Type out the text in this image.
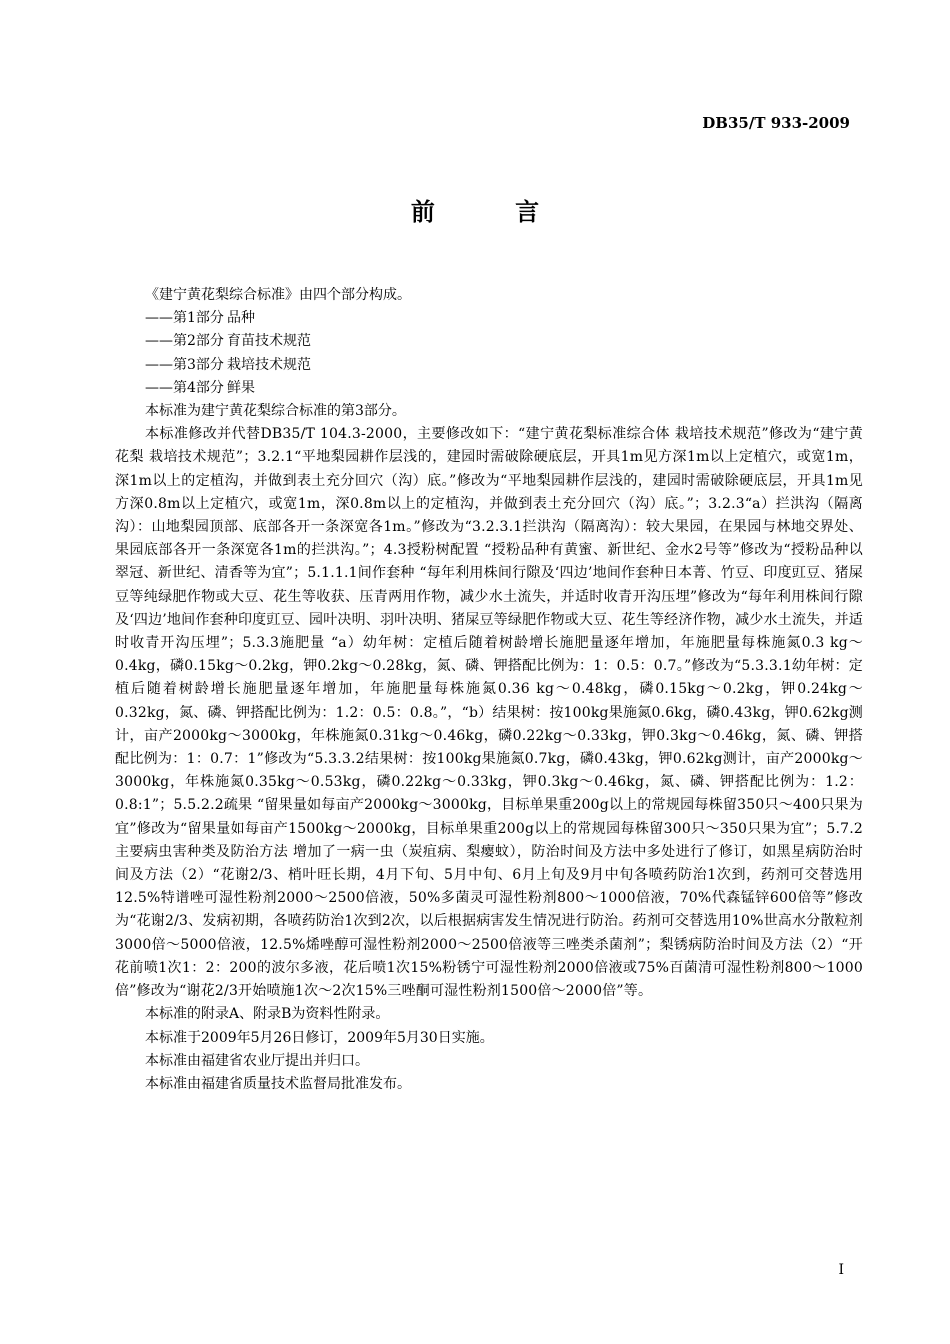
DB35/T 933-2009
前 言

《建宁黄花梨综合标准》由四个部分构成。

——第1部分 品种

——第2部分 育苗技术规范

——第3部分 栽培技术规范

——第4部分 鲜果

本标准为建宁黄花梨综合标准的第3部分。

本标准修改并代替DB35/T 104.3-2000，主要修改如下：“建宁黄花梨标准综合体 栽培技术规范”修改为“建宁黄花梨 栽培技术规范”；3.2.1“平地梨园耕作层浅的，建园时需破除硬底层，开具1m见方深1m以上定植穴，或宽1m，深1m以上的定植沟，并做到表土充分回穴（沟）底。”修改为“平地梨园耕作层浅的，建园时需破除硬底层，开具1m见方深0.8m以上定植穴，或宽1m，深0.8m以上的定植沟，并做到表土充分回穴（沟）底。”；3.2.3“a）拦洪沟（隔离沟）：山地梨园顶部、底部各开一条深宽各1m。”修改为“3.2.3.1拦洪沟（隔离沟）：较大果园，在果园与林地交界处、果园底部各开一条深宽各1m的拦洪沟。”；4.3授粉树配置 “授粉品种有黄蜜、新世纪、金水2号等”修改为“授粉品种以翠冠、新世纪、清香等为宜”；5.1.1.1间作套种 “每年利用株间行隙及‘四边’地间作套种日本菁、竹豆、印度豇豆、猪屎豆等纯绿肥作物或大豆、花生等收获、压青两用作物，减少水土流失，并适时收青开沟压埋”修改为“每年利用株间行隙及‘四边’地间作套种印度豇豆、园叶决明、羽叶决明、猪屎豆等绿肥作物或大豆、花生等经济作物，减少水土流失，并适时收青开沟压埋”；5.3.3施肥量 “a）幼年树：定植后随着树龄增长施肥量逐年增加，年施肥量每株施氮0.3 kg～0.4kg，磷0.15kg～0.2kg，钾0.2kg～0.28kg，氮、磷、钾搭配比例为：1：0.5：0.7。”修改为“5.3.3.1幼年树：定植后随着树龄增长施肥量逐年增加，年施肥量每株施氮0.36 kg～0.48kg，磷0.15kg～0.2kg，钾0.24kg～0.32kg，氮、磷、钾搭配比例为：1.2：0.5：0.8。”，“b）结果树：按100kg果施氮0.6kg，磷0.43kg，钾0.62kg测计，亩产2000kg～3000kg，年株施氮0.31kg～0.46kg，磷0.22kg～0.33kg，钾0.3kg～0.46kg，氮、磷、钾搭配比例为：1：0.7：1”修改为“5.3.3.2结果树：按100kg果施氮0.7kg，磷0.43kg，钾0.62kg测计，亩产2000kg～3000kg，年株施氮0.35kg～0.53kg，磷0.22kg～0.33kg，钾0.3kg～0.46kg，氮、磷、钾搭配比例为：1.2：0.8:1”；5.5.2.2疏果 “留果量如每亩产2000kg～3000kg，目标单果重200g以上的常规园每株留350只～400只果为宜”修改为“留果量如每亩产1500kg～2000kg，目标单果重200g以上的常规园每株留300只～350只果为宜”；5.7.2主要病虫害种类及防治方法 增加了一病一虫（炭疽病、梨瘿蚊），防治时间及方法中多处进行了修订，如黑星病防治时间及方法（2）“花谢2/3、梢叶旺长期，4月下旬、5月中旬、6月上旬及9月中旬各喷药防治1次到，药剂可交替选用12.5%特谱唑可湿性粉剂2000～2500倍液，50%多菌灵可湿性粉剂800～1000倍液，70%代森锰锌600倍等”修改为“花谢2/3、发病初期，各喷药防治1次到2次，以后根据病害发生情况进行防治。药剂可交替选用10%世高水分散粒剂3000倍～5000倍液，12.5%烯唑醇可湿性粉剂2000～2500倍液等三唑类杀菌剂”；梨锈病防治时间及方法（2）“开花前喷1次1：2：200的波尔多液，花后喷1次15%粉锈宁可湿性粉剂2000倍液或75%百菌清可湿性粉剂800～1000倍”修改为“谢花2/3开始喷施1次～2次15%三唑酮可湿性粉剂1500倍～2000倍”等。

本标准的附录A、附录B为资料性附录。

本标准于2009年5月26日修订，2009年5月30日实施。

本标准由福建省农业厅提出并归口。

本标准由福建省质量技术监督局批准发布。

I
